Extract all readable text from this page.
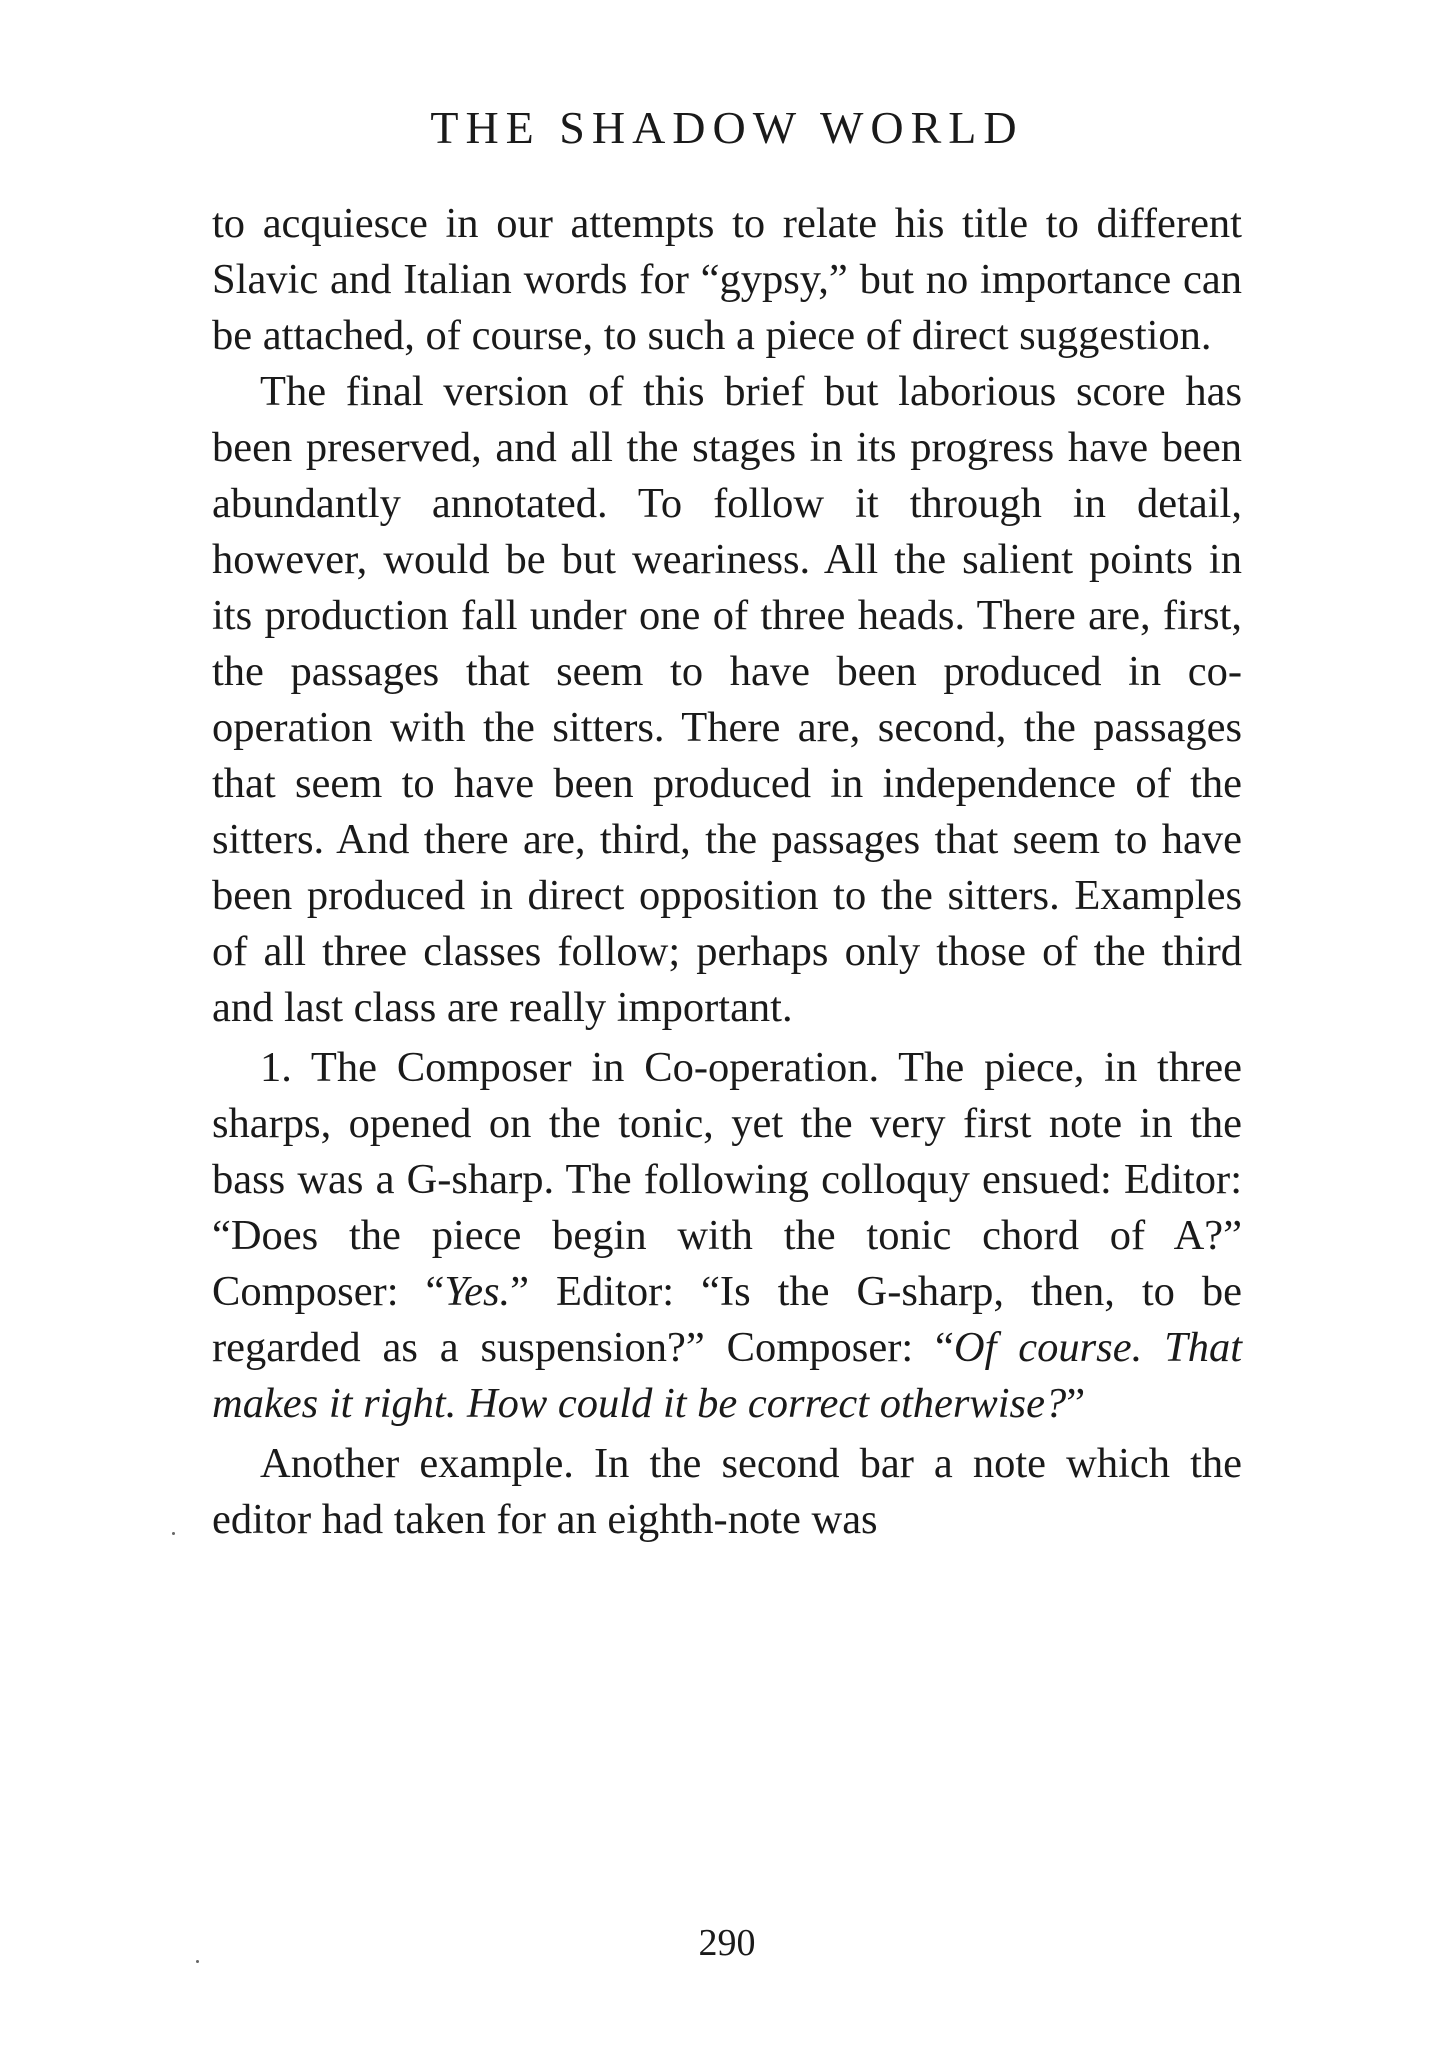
THE SHADOW WORLD

to acquiesce in our attempts to relate his title to different Slavic and Italian words for “gypsy,” but no importance can be attached, of course, to such a piece of direct suggestion.

The final version of this brief but laborious score has been preserved, and all the stages in its progress have been abundantly annotated. To follow it through in detail, however, would be but weariness. All the salient points in its production fall under one of three heads. There are, first, the passages that seem to have been produced in co-operation with the sitters. There are, second, the passages that seem to have been produced in independence of the sitters. And there are, third, the passages that seem to have been produced in direct opposition to the sitters. Examples of all three classes follow; perhaps only those of the third and last class are really important.

1. The Composer in Co-operation. The piece, in three sharps, opened on the tonic, yet the very first note in the bass was a G-sharp. The following colloquy ensued: Editor: “Does the piece begin with the tonic chord of A?” Composer: “Yes.” Editor: “Is the G-sharp, then, to be regarded as a suspension?” Composer: “Of course. That makes it right. How could it be correct otherwise?”

Another example. In the second bar a note which the editor had taken for an eighth-note was

290
